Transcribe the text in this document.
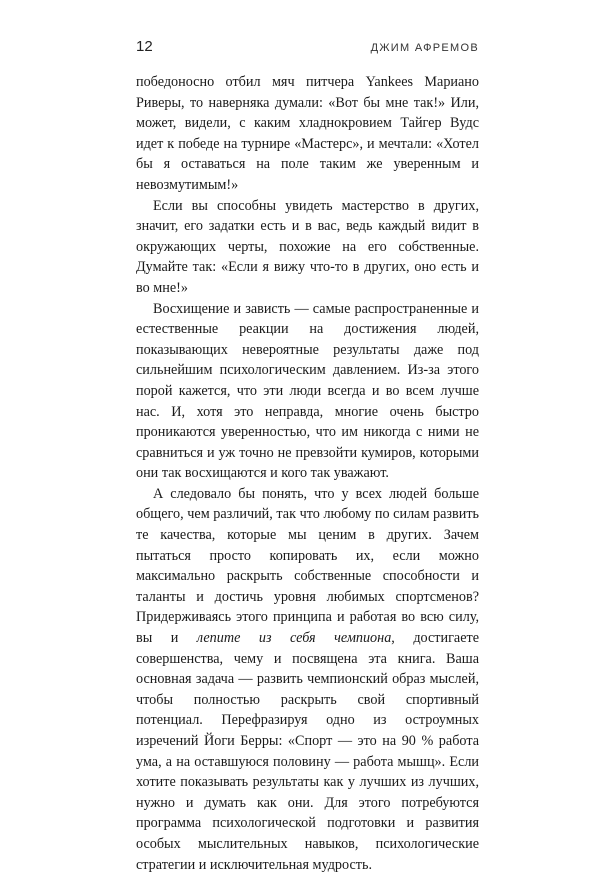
12	ДЖИМ АФРЕМОВ

победоносно отбил мяч питчера Yankees Мариано Риверы, то наверняка думали: «Вот бы мне так!» Или, может, видели, с каким хладнокровием Тайгер Вудс идет к победе на турнире «Мастерс», и мечтали: «Хотел бы я оставаться на поле таким же уверенным и невозмутимым!»

Если вы способны увидеть мастерство в других, значит, его задатки есть и в вас, ведь каждый видит в окружающих черты, похожие на его собственные. Думайте так: «Если я вижу что-то в других, оно есть и во мне!»

Восхищение и зависть — самые распространенные и естественные реакции на достижения людей, показывающих невероятные результаты даже под сильнейшим психологическим давлением. Из-за этого порой кажется, что эти люди всегда и во всем лучше нас. И, хотя это неправда, многие очень быстро проникаются уверенностью, что им никогда с ними не сравниться и уж точно не превзойти кумиров, которыми они так восхищаются и кого так уважают.

А следовало бы понять, что у всех людей больше общего, чем различий, так что любому по силам развить те качества, которые мы ценим в других. Зачем пытаться просто копировать их, если можно максимально раскрыть собственные способности и таланты и достичь уровня любимых спортсменов? Придерживаясь этого принципа и работая во всю силу, вы и лепите из себя чемпиона, достигаете совершенства, чему и посвящена эта книга. Ваша основная задача — развить чемпионский образ мыслей, чтобы полностью раскрыть свой спортивный потенциал. Перефразируя одно из остроумных изречений Йоги Берры: «Спорт — это на 90 % работа ума, а на оставшуюся половину — работа мышц». Если хотите показывать результаты как у лучших из лучших, нужно и думать как они. Для этого потребуются программа психологической подготовки и развития особых мыслительных навыков, психологические стратегии и исключительная мудрость.
